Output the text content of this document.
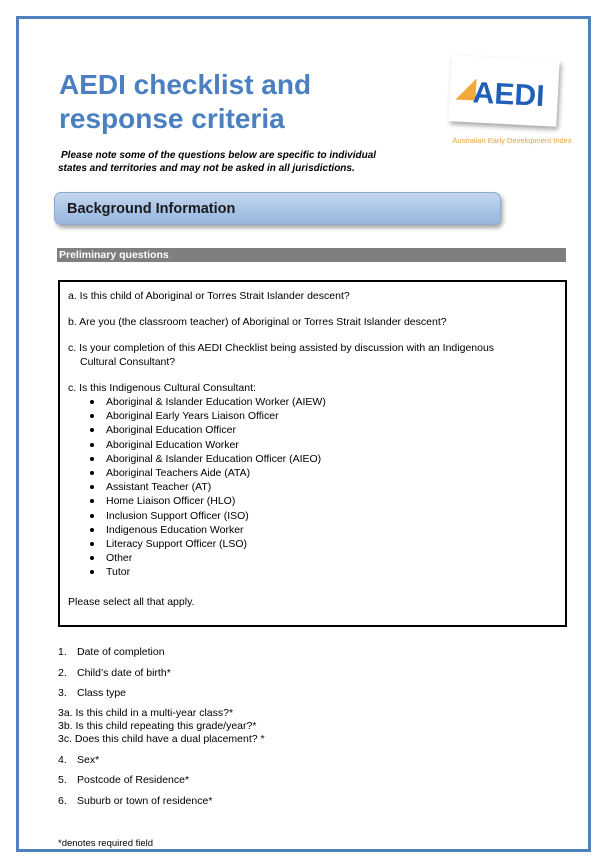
AEDI checklist and
response criteria
AEDI
Australian Early Development Index
Please note some of the questions below are specific to individual
states and territories and may not be asked in all jurisdictions.
Background Information
Preliminary questions
a. Is this child of Aboriginal or Torres Strait Islander descent?
b. Are you (the classroom teacher) of Aboriginal or Torres Strait Islander descent?
c. Is your completion of this AEDI Checklist being assisted by discussion with an Indigenous
Cultural Consultant?
c. Is this Indigenous Cultural Consultant:
Aboriginal & Islander Education Worker (AIEW)
Aboriginal Early Years Liaison Officer
Aboriginal Education Officer
Aboriginal Education Worker
Aboriginal & Islander Education Officer (AIEO)
Aboriginal Teachers Aide (ATA)
Assistant Teacher (AT)
Home Liaison Officer (HLO)
Inclusion Support Officer (ISO)
Indigenous Education Worker
Literacy Support Officer (LSO)
Other
Tutor
Please select all that apply.
1. Date of completion
2. Child’s date of birth*
3. Class type
3a. Is this child in a multi-year class?*
3b. Is this child repeating this grade/year?*
3c. Does this child have a dual placement? *
4. Sex*
5. Postcode of Residence*
6. Suburb or town of residence*
*denotes required field
